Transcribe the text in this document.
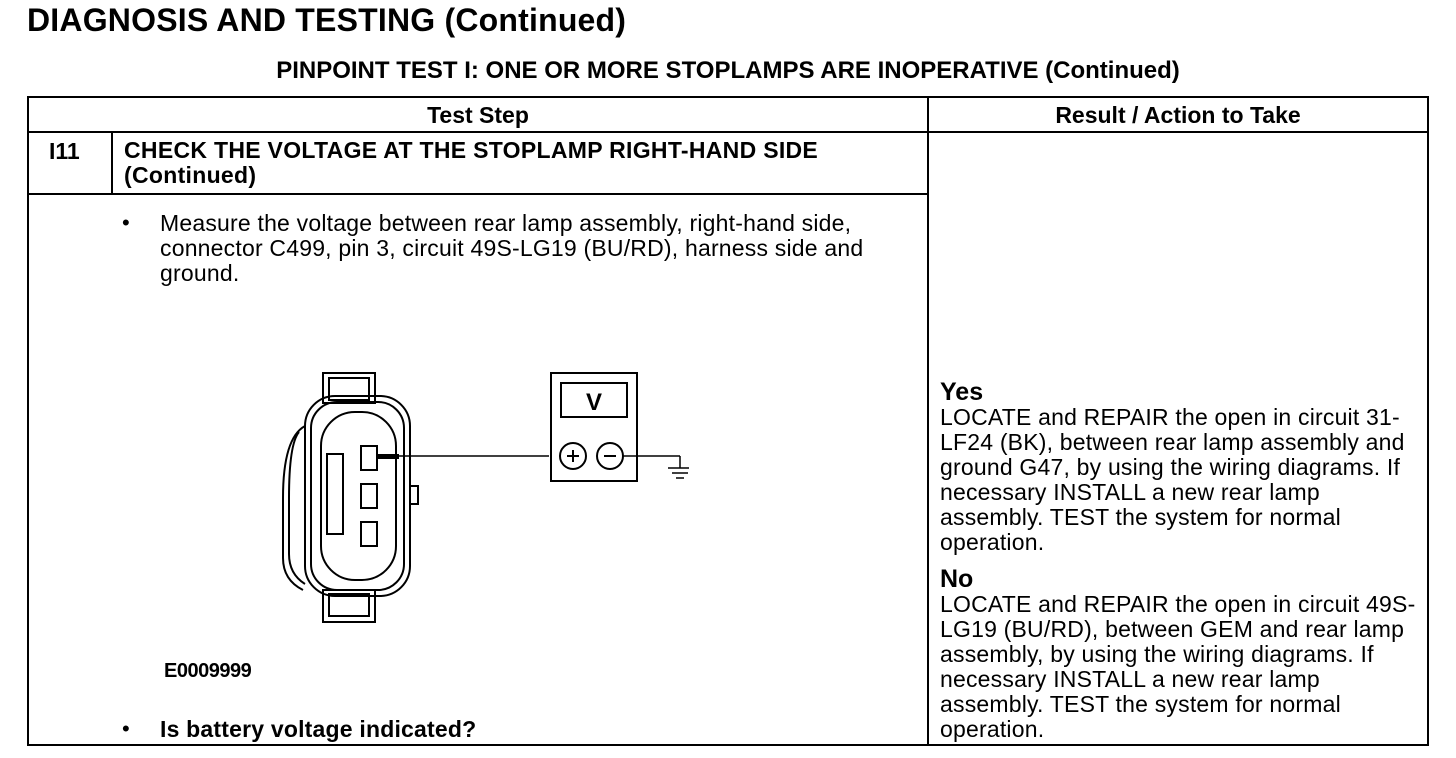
DIAGNOSIS AND TESTING (Continued)
PINPOINT TEST I: ONE OR MORE STOPLAMPS ARE INOPERATIVE (Continued)
Test Step	Result / Action to Take
I11 CHECK THE VOLTAGE AT THE STOPLAMP RIGHT-HAND SIDE (Continued)
• Measure the voltage between rear lamp assembly, right-hand side, connector C499, pin 3, circuit 49S-LG19 (BU/RD), harness side and ground.
V
E0009999
• Is battery voltage indicated?
Yes
LOCATE and REPAIR the open in circuit 31-LF24 (BK), between rear lamp assembly and ground G47, by using the wiring diagrams. If necessary INSTALL a new rear lamp assembly. TEST the system for normal operation.
No
LOCATE and REPAIR the open in circuit 49S-LG19 (BU/RD), between GEM and rear lamp assembly, by using the wiring diagrams. If necessary INSTALL a new rear lamp assembly. TEST the system for normal operation.
